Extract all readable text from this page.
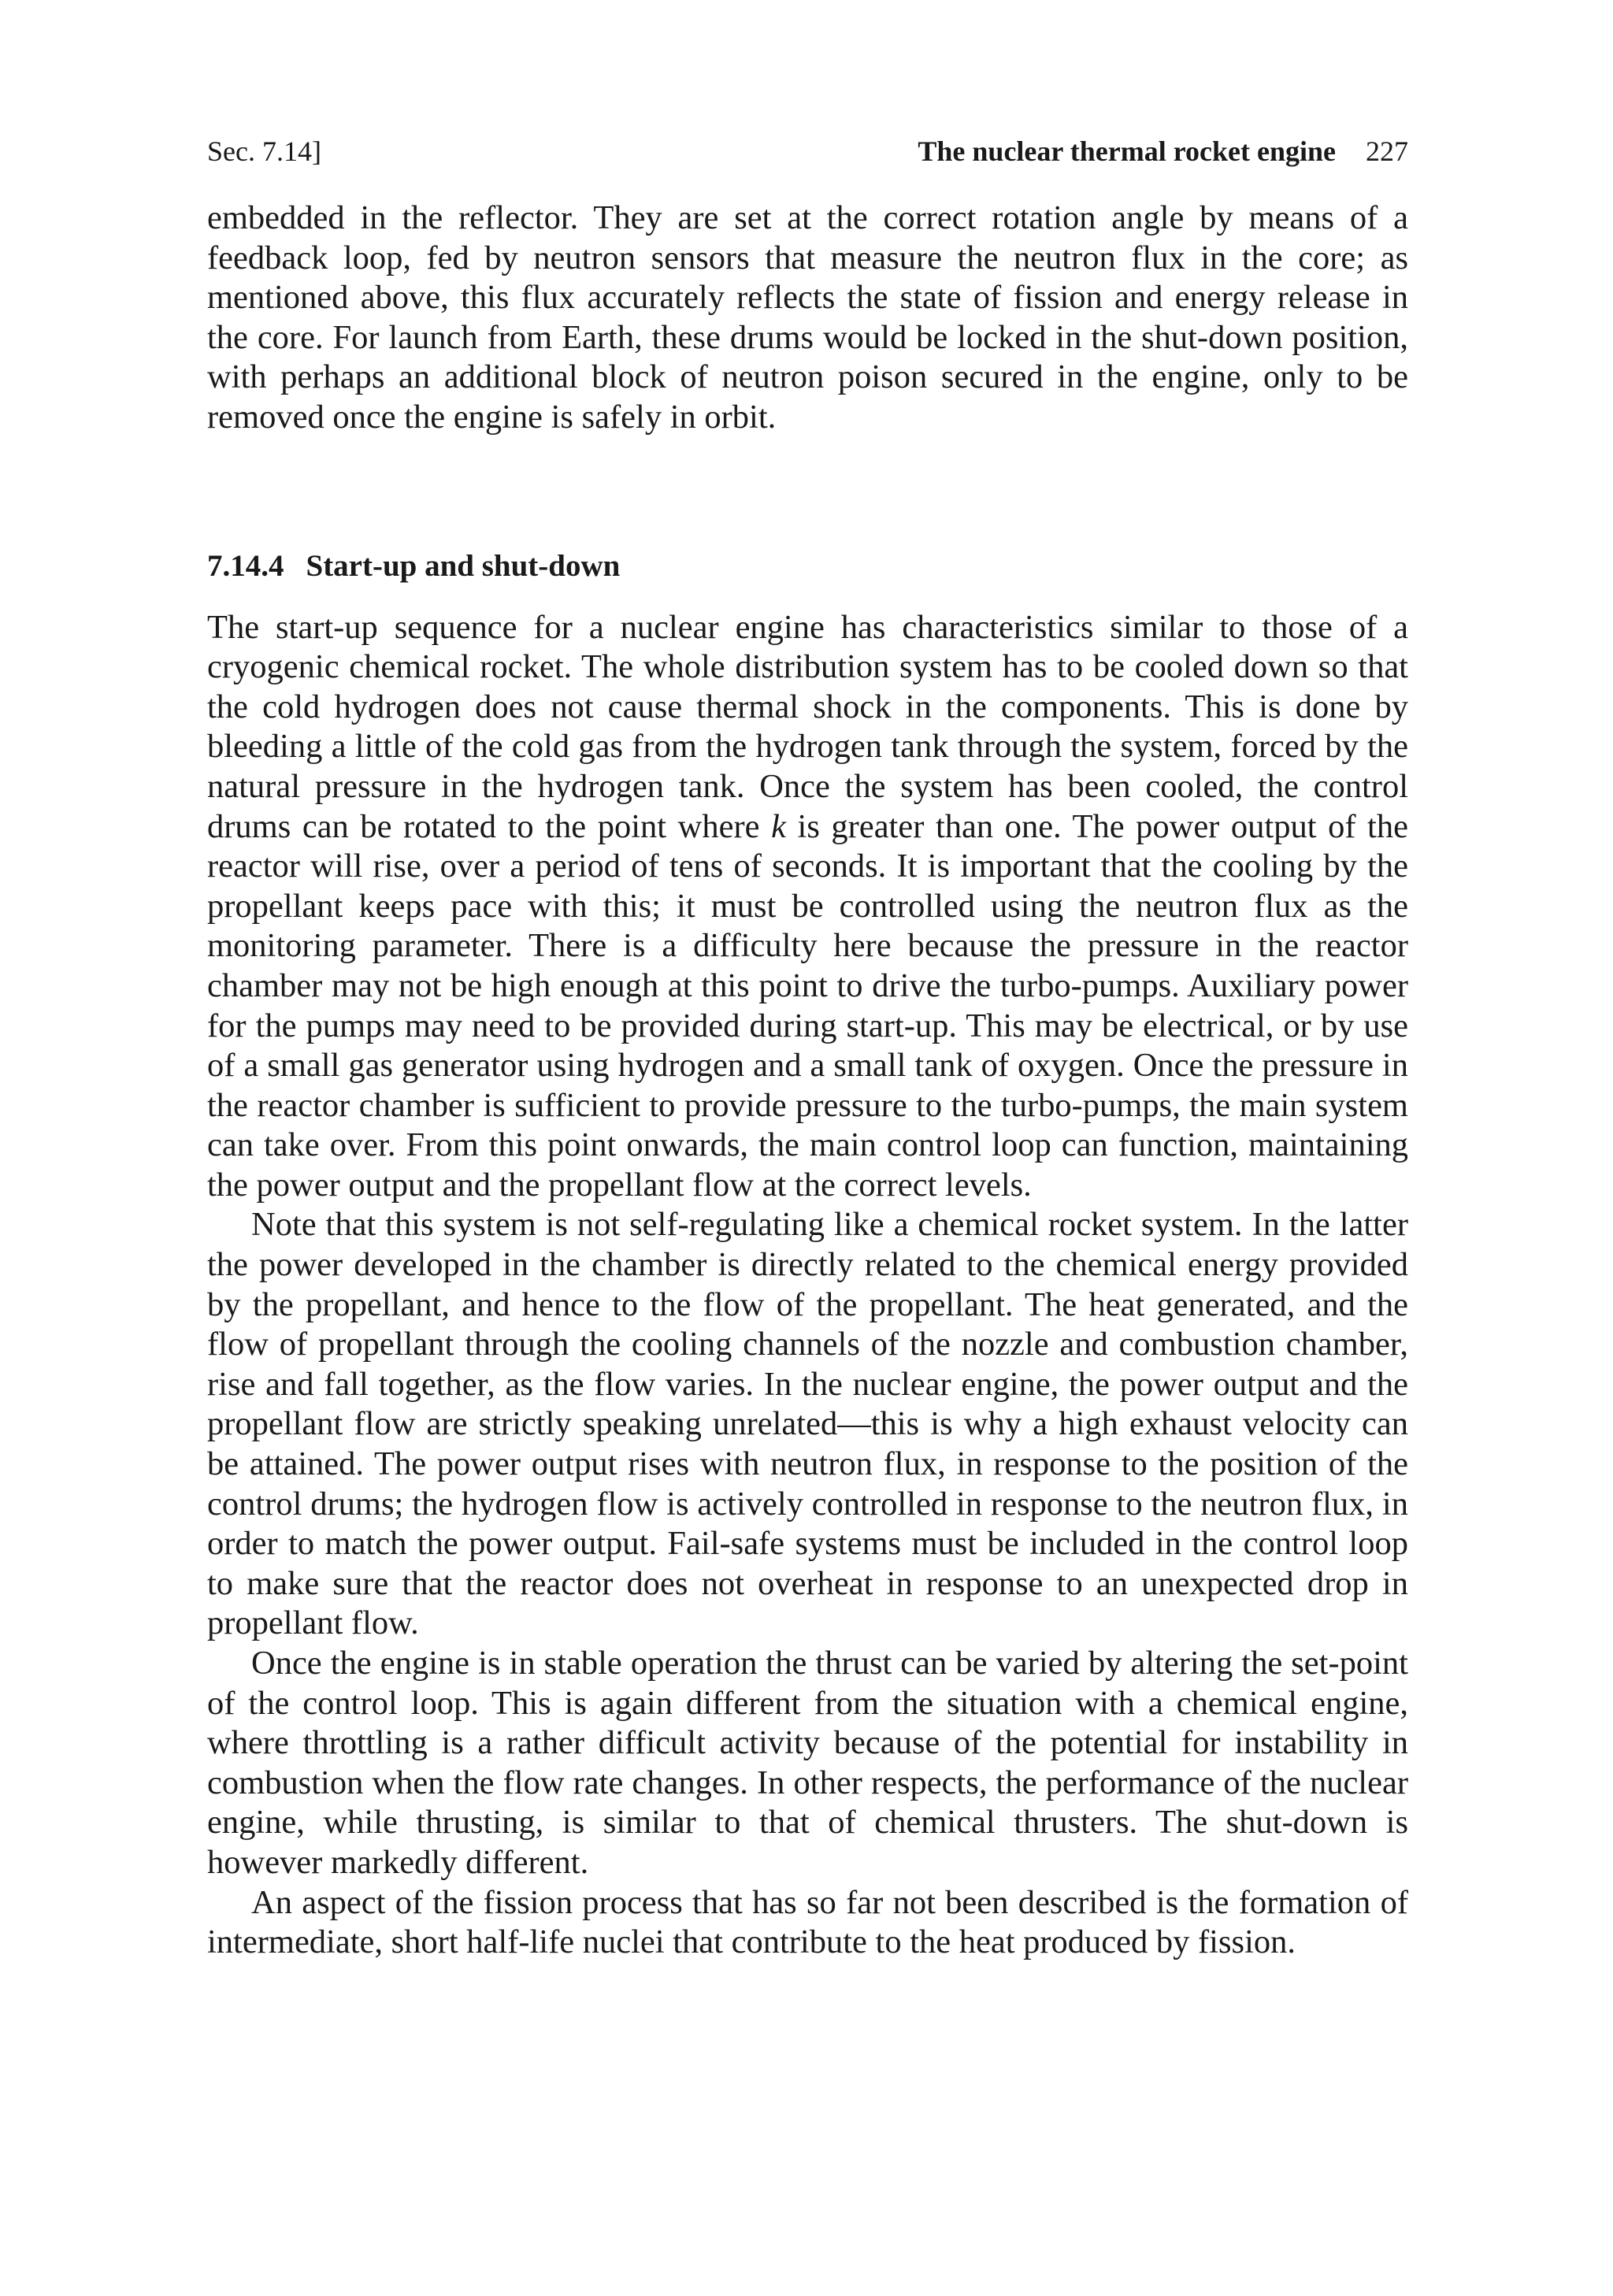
Sec. 7.14]	The nuclear thermal rocket engine 227

embedded in the reflector. They are set at the correct rotation angle by means of a feedback loop, fed by neutron sensors that measure the neutron flux in the core; as mentioned above, this flux accurately reflects the state of fission and energy release in the core. For launch from Earth, these drums would be locked in the shut-down position, with perhaps an additional block of neutron poison secured in the engine, only to be removed once the engine is safely in orbit.

7.14.4 Start-up and shut-down

The start-up sequence for a nuclear engine has characteristics similar to those of a cryogenic chemical rocket. The whole distribution system has to be cooled down so that the cold hydrogen does not cause thermal shock in the components. This is done by bleeding a little of the cold gas from the hydrogen tank through the system, forced by the natural pressure in the hydrogen tank. Once the system has been cooled, the control drums can be rotated to the point where k is greater than one. The power output of the reactor will rise, over a period of tens of seconds. It is important that the cooling by the propellant keeps pace with this; it must be controlled using the neutron flux as the monitoring parameter. There is a difficulty here because the pressure in the reactor chamber may not be high enough at this point to drive the turbo-pumps. Auxiliary power for the pumps may need to be provided during start-up. This may be electrical, or by use of a small gas generator using hydrogen and a small tank of oxygen. Once the pressure in the reactor chamber is sufficient to provide pressure to the turbo-pumps, the main system can take over. From this point onwards, the main control loop can function, maintaining the power output and the propellant flow at the correct levels.

Note that this system is not self-regulating like a chemical rocket system. In the latter the power developed in the chamber is directly related to the chemical energy provided by the propellant, and hence to the flow of the propellant. The heat generated, and the flow of propellant through the cooling channels of the nozzle and combustion chamber, rise and fall together, as the flow varies. In the nuclear engine, the power output and the propellant flow are strictly speaking unrelated—this is why a high exhaust velocity can be attained. The power output rises with neutron flux, in response to the position of the control drums; the hydrogen flow is actively controlled in response to the neutron flux, in order to match the power output. Fail-safe systems must be included in the control loop to make sure that the reactor does not overheat in response to an unexpected drop in propellant flow.

Once the engine is in stable operation the thrust can be varied by altering the set-point of the control loop. This is again different from the situation with a chemical engine, where throttling is a rather difficult activity because of the potential for instability in combustion when the flow rate changes. In other respects, the performance of the nuclear engine, while thrusting, is similar to that of chemical thrusters. The shut-down is however markedly different.

An aspect of the fission process that has so far not been described is the formation of intermediate, short half-life nuclei that contribute to the heat produced by fission.
